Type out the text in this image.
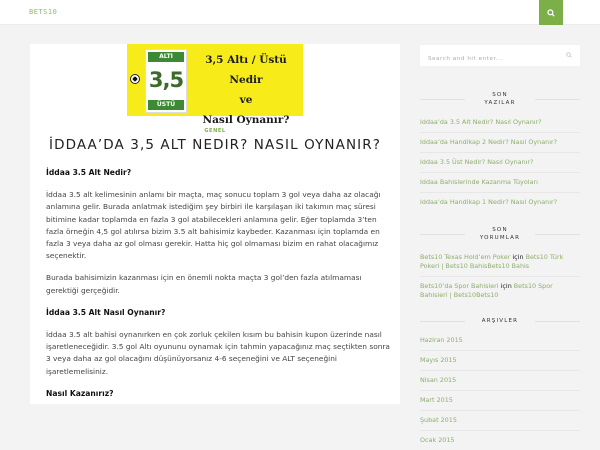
BETS10
ALTI
3,5
ÜSTÜ
3,5 Altı / Üstü Nedir
ve
Nasıl Oynanır?
GENEL
İDDAA’DA 3,5 ALT NEDIR? NASIL OYNANIR?
İddaa 3.5 Alt Nedir?

İddaa 3.5 alt kelimesinin anlamı bir maçta, maç sonucu toplam 3 gol veya daha az olacağı anlamına gelir. Burada anlatmak istediğim şey birbiri ile karşılaşan iki takımın maç süresi bitimine kadar toplamda en fazla 3 gol atabilecekleri anlamına gelir. Eğer toplamda 3’ten fazla örneğin 4,5 gol atılırsa bizim 3.5 alt bahisimiz kaybeder. Kazanması için toplamda en fazla 3 veya daha az gol olması gerekir. Hatta hiç gol olmaması bizim en rahat olacağımız seçenektir.

Burada bahisimizin kazanması için en önemli nokta maçta 3 gol’den fazla atılmaması gerektiği gerçeğidir.

İddaa 3.5 Alt Nasıl Oynanır?

İddaa 3.5 alt bahisi oynanırken en çok zorluk çekilen kısım bu bahisin kupon üzerinde nasıl işaretleneceğidir. 3.5 gol Altı oyununu oynamak için tahmin yapacağınız maç seçtikten sonra 3 veya daha az gol olacağını düşünüyorsanız 4-6 seçeneğini ve ALT seçeneğini işaretlemelisiniz.

Nasıl Kazanırız?
Search and hit enter...
SON
YAZILAR
Iddaa’da 3.5 Alt Nedir? Nasıl Oynanır?
Iddaa’da Handikap 2 Nedir? Nasıl Oynanır?
Iddaa 3.5 Üst Nedir? Nasıl Oynanır?
Iddaa Bahislerinde Kazanma Tüyoları
Iddaa’da Handikap 1 Nedir? Nasıl Oynanır?
SON
YORUMLAR
Bets10 Texas Hold’em Poker için Bets10 Türk Pokeri | Bets10 BahisBets10 Bahis
Bets10’da Spor Bahisleri için Bets10 Spor Bahisleri | Bets10Bets10
ARŞIVLER
Haziran 2015
Mayıs 2015
Nisan 2015
Mart 2015
Şubat 2015
Ocak 2015
